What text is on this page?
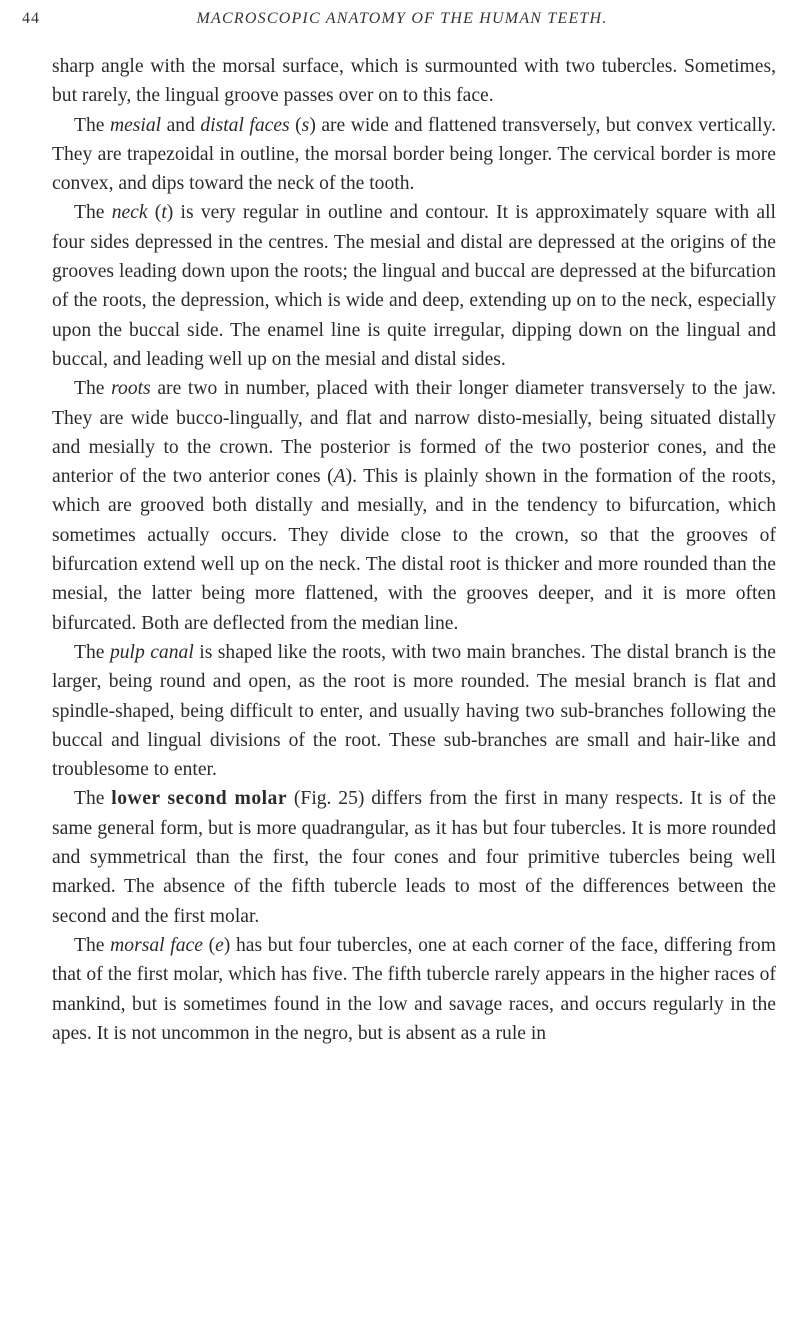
44	MACROSCOPIC ANATOMY OF THE HUMAN TEETH.

sharp angle with the morsal surface, which is surmounted with two tubercles. Sometimes, but rarely, the lingual groove passes over on to this face.

The mesial and distal faces (s) are wide and flattened transversely, but convex vertically. They are trapezoidal in outline, the morsal border being longer. The cervical border is more convex, and dips toward the neck of the tooth.

The neck (t) is very regular in outline and contour. It is approximately square with all four sides depressed in the centres. The mesial and distal are depressed at the origins of the grooves leading down upon the roots; the lingual and buccal are depressed at the bifurcation of the roots, the depression, which is wide and deep, extending up on to the neck, especially upon the buccal side. The enamel line is quite irregular, dipping down on the lingual and buccal, and leading well up on the mesial and distal sides.

The roots are two in number, placed with their longer diameter transversely to the jaw. They are wide bucco-lingually, and flat and narrow disto-mesially, being situated distally and mesially to the crown. The posterior is formed of the two posterior cones, and the anterior of the two anterior cones (A). This is plainly shown in the formation of the roots, which are grooved both distally and mesially, and in the tendency to bifurcation, which sometimes actually occurs. They divide close to the crown, so that the grooves of bifurcation extend well up on the neck. The distal root is thicker and more rounded than the mesial, the latter being more flattened, with the grooves deeper, and it is more often bifurcated. Both are deflected from the median line.

The pulp canal is shaped like the roots, with two main branches. The distal branch is the larger, being round and open, as the root is more rounded. The mesial branch is flat and spindle-shaped, being difficult to enter, and usually having two sub-branches following the buccal and lingual divisions of the root. These sub-branches are small and hair-like and troublesome to enter.

The lower second molar (Fig. 25) differs from the first in many respects. It is of the same general form, but is more quadrangular, as it has but four tubercles. It is more rounded and symmetrical than the first, the four cones and four primitive tubercles being well marked. The absence of the fifth tubercle leads to most of the differences between the second and the first molar.

The morsal face (e) has but four tubercles, one at each corner of the face, differing from that of the first molar, which has five. The fifth tubercle rarely appears in the higher races of mankind, but is sometimes found in the low and savage races, and occurs regularly in the apes. It is not uncommon in the negro, but is absent as a rule in
